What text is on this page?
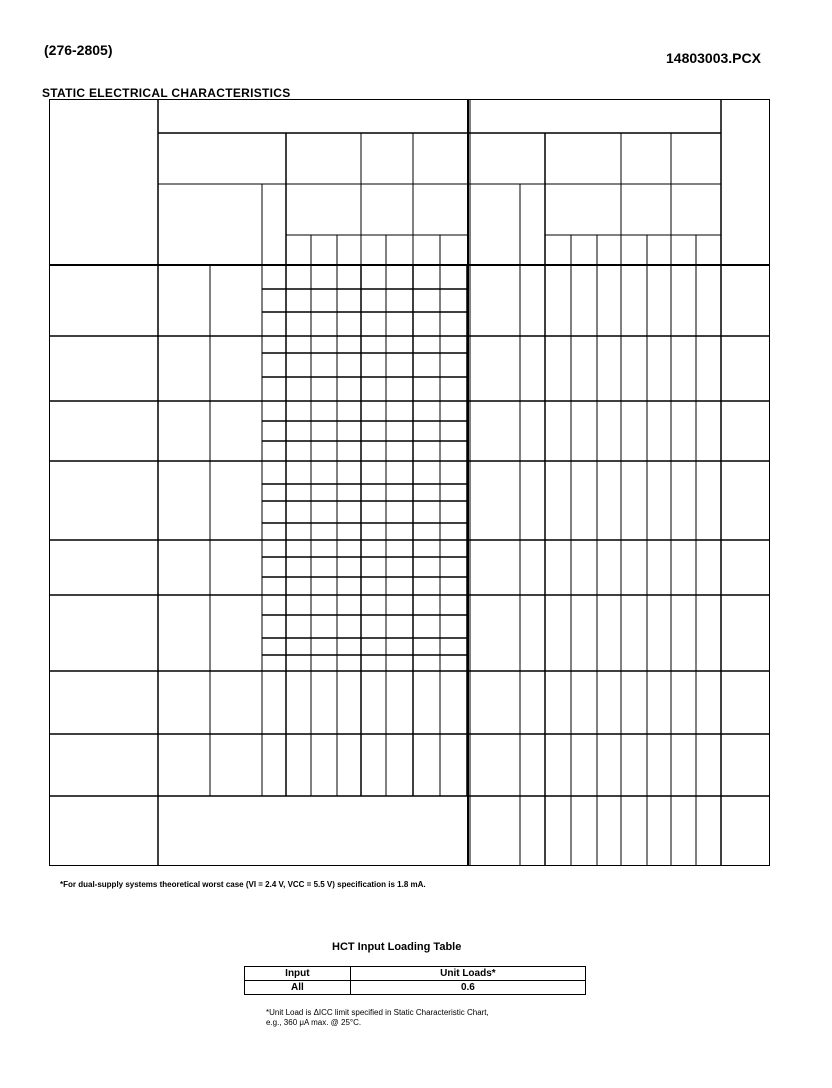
(276-2805)	14803003.PCX
STATIC ELECTRICAL CHARACTERISTICS
*For dual-supply systems theoretical worst case (VI = 2.4 V, VCC = 5.5 V) specification is 1.8 mA.
HCT Input Loading Table
Input	Unit Loads*
All	0.6
*Unit Load is ΔICC limit specified in Static Characteristic Chart,
e.g., 360 μA max. @ 25°C.
